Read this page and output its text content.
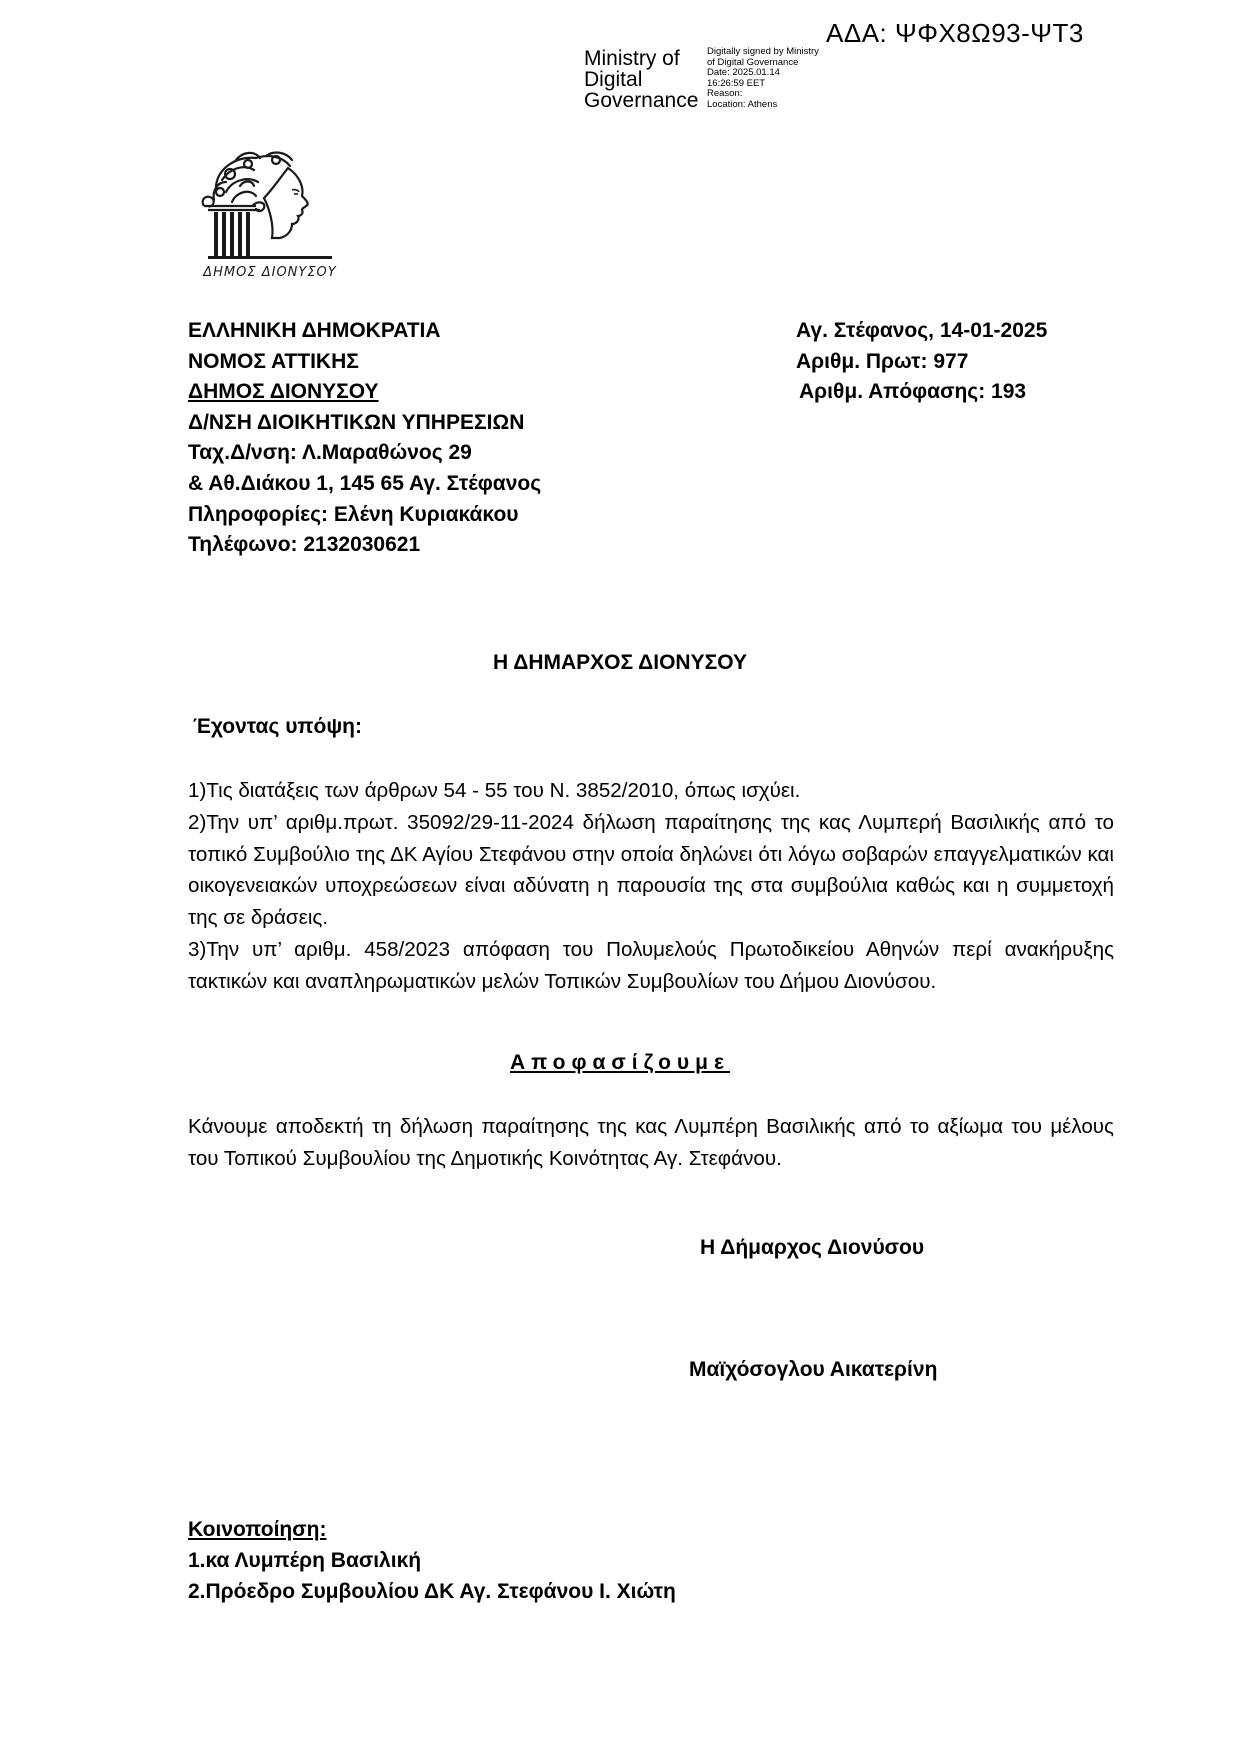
ΑΔΑ: ΨΦΧ8Ω93-ΨΤ3
Ministry of
Digital
Governance
Digitally signed by Ministry
of Digital Governance
Date: 2025.01.14
16:26:59 EET
Reason:
Location: Athens
ΔΗΜΟΣ ΔΙΟΝΥΣΟΥ
ΕΛΛΗΝΙΚΗ ΔΗΜΟΚΡΑΤΙΑ
ΝΟΜΟΣ ΑΤΤΙΚΗΣ
ΔΗΜΟΣ ΔΙΟΝΥΣΟΥ
Δ/ΝΣΗ ΔΙΟΙΚΗΤΙΚΩΝ ΥΠΗΡΕΣΙΩΝ
Ταχ.Δ/νση: Λ.Μαραθώνος 29
& Αθ.Διάκου 1, 145 65 Αγ. Στέφανος
Πληροφορίες: Ελένη Κυριακάκου
Τηλέφωνο: 2132030621
Αγ. Στέφανος, 14-01-2025
Αριθμ. Πρωτ: 977
Αριθμ. Απόφασης: 193
Η ΔΗΜΑΡΧΟΣ ΔΙΟΝΥΣΟΥ
Έχοντας υπόψη:
1)Τις διατάξεις των άρθρων 54 - 55 του Ν. 3852/2010, όπως ισχύει.
2)Την υπ’ αριθμ.πρωτ. 35092/29-11-2024 δήλωση παραίτησης της κας Λυμπερή Βασιλικής από το τοπικό Συμβούλιο της ΔΚ Αγίου Στεφάνου στην οποία δηλώνει ότι λόγω σοβαρών επαγγελματικών και οικογενειακών υποχρεώσεων είναι αδύνατη η παρουσία της στα συμβούλια καθώς και η συμμετοχή της σε δράσεις.
3)Την υπ’ αριθμ. 458/2023 απόφαση του Πολυμελούς Πρωτοδικείου Αθηνών περί ανακήρυξης τακτικών και αναπληρωματικών μελών Τοπικών Συμβουλίων του Δήμου Διονύσου.
Αποφασίζουμε
Κάνουμε αποδεκτή τη δήλωση παραίτησης της κας Λυμπέρη Βασιλικής από το αξίωμα του μέλους του Τοπικού Συμβουλίου της Δημοτικής Κοινότητας Αγ. Στεφάνου.
Η Δήμαρχος Διονύσου
Μαϊχόσογλου Αικατερίνη
Κοινοποίηση:
1.κα Λυμπέρη Βασιλική
2.Πρόεδρο Συμβουλίου ΔΚ Αγ. Στεφάνου Ι. Χιώτη
